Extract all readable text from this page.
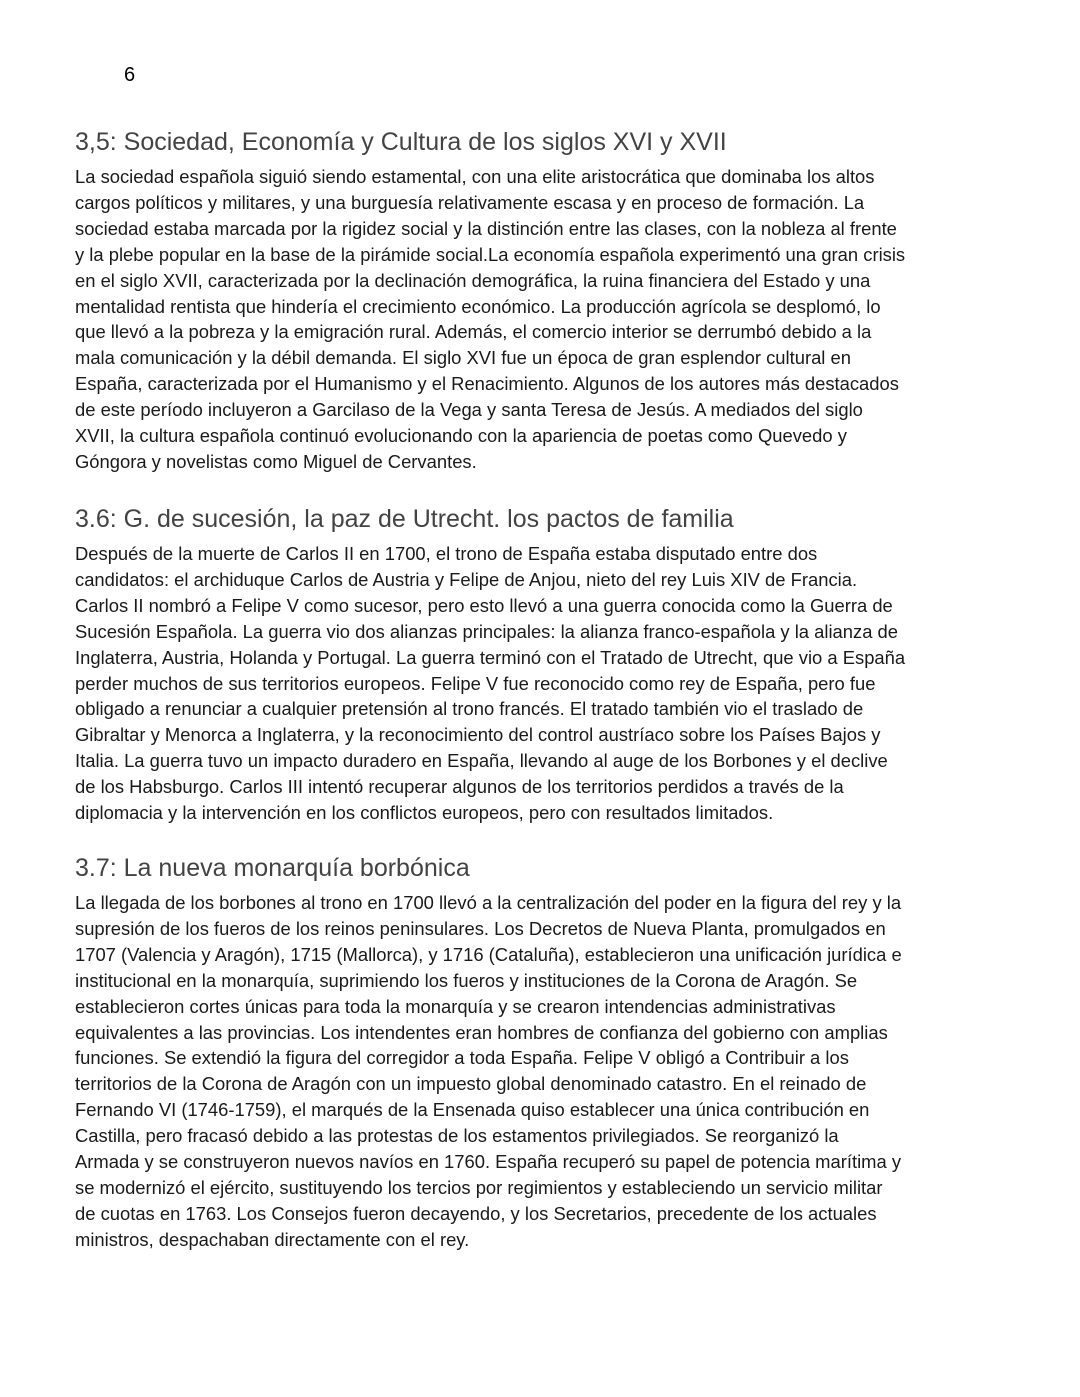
6
3,5: Sociedad, Economía y Cultura de los siglos XVI y XVII

La sociedad española siguió siendo estamental, con una elite aristocrática que dominaba los altos
cargos políticos y militares, y una burguesía relativamente escasa y en proceso de formación. La
sociedad estaba marcada por la rigidez social y la distinción entre las clases, con la nobleza al frente
y la plebe popular en la base de la pirámide social.La economía española experimentó una gran crisis
en el siglo XVII, caracterizada por la declinación demográfica, la ruina financiera del Estado y una
mentalidad rentista que hindería el crecimiento económico. La producción agrícola se desplomó, lo
que llevó a la pobreza y la emigración rural. Además, el comercio interior se derrumbó debido a la
mala comunicación y la débil demanda. El siglo XVI fue un época de gran esplendor cultural en
España, caracterizada por el Humanismo y el Renacimiento. Algunos de los autores más destacados
de este período incluyeron a Garcilaso de la Vega y santa Teresa de Jesús. A mediados del siglo
XVII, la cultura española continuó evolucionando con la apariencia de poetas como Quevedo y
Góngora y novelistas como Miguel de Cervantes.

3.6: G. de sucesión, la paz de Utrecht. los pactos de familia

Después de la muerte de Carlos II en 1700, el trono de España estaba disputado entre dos
candidatos: el archiduque Carlos de Austria y Felipe de Anjou, nieto del rey Luis XIV de Francia.
Carlos II nombró a Felipe V como sucesor, pero esto llevó a una guerra conocida como la Guerra de
Sucesión Española. La guerra vio dos alianzas principales: la alianza franco-española y la alianza de
Inglaterra, Austria, Holanda y Portugal. La guerra terminó con el Tratado de Utrecht, que vio a España
perder muchos de sus territorios europeos. Felipe V fue reconocido como rey de España, pero fue
obligado a renunciar a cualquier pretensión al trono francés. El tratado también vio el traslado de
Gibraltar y Menorca a Inglaterra, y la reconocimiento del control austríaco sobre los Países Bajos y
Italia. La guerra tuvo un impacto duradero en España, llevando al auge de los Borbones y el declive
de los Habsburgo. Carlos III intentó recuperar algunos de los territorios perdidos a través de la
diplomacia y la intervención en los conflictos europeos, pero con resultados limitados.

3.7: La nueva monarquía borbónica

La llegada de los borbones al trono en 1700 llevó a la centralización del poder en la figura del rey y la
supresión de los fueros de los reinos peninsulares. Los Decretos de Nueva Planta, promulgados en
1707 (Valencia y Aragón), 1715 (Mallorca), y 1716 (Cataluña), establecieron una unificación jurídica e
institucional en la monarquía, suprimiendo los fueros y instituciones de la Corona de Aragón. Se
establecieron cortes únicas para toda la monarquía y se crearon intendencias administrativas
equivalentes a las provincias. Los intendentes eran hombres de confianza del gobierno con amplias
funciones. Se extendió la figura del corregidor a toda España. Felipe V obligó a Contribuir a los
territorios de la Corona de Aragón con un impuesto global denominado catastro. En el reinado de
Fernando VI (1746-1759), el marqués de la Ensenada quiso establecer una única contribución en
Castilla, pero fracasó debido a las protestas de los estamentos privilegiados. Se reorganizó la
Armada y se construyeron nuevos navíos en 1760. España recuperó su papel de potencia marítima y
se modernizó el ejército, sustituyendo los tercios por regimientos y estableciendo un servicio militar
de cuotas en 1763. Los Consejos fueron decayendo, y los Secretarios, precedente de los actuales
ministros, despachaban directamente con el rey.
